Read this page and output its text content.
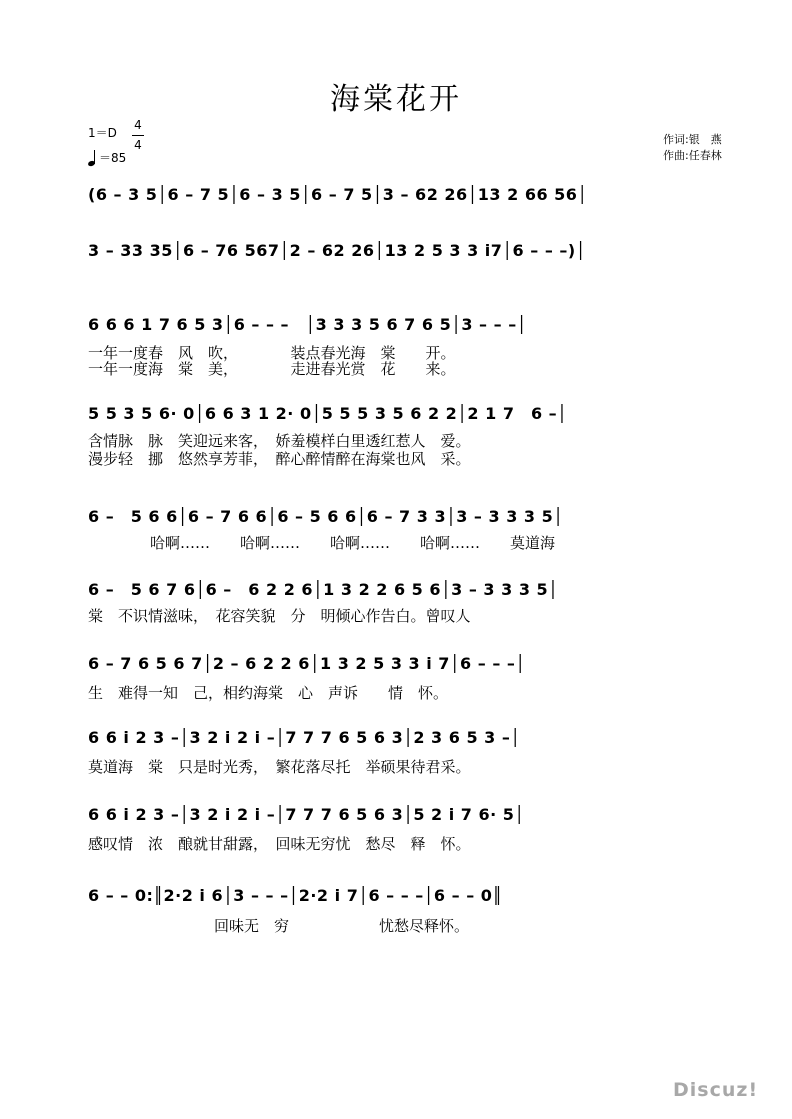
海棠花开
1＝D
4
4
＝85
作词:银　燕
作曲:任春林
(6 – 3 5│6 – 7 5│6 – 3 5│6 – 7 5│3 – 62 26│13 2 66 56│
3 – 33 35│6 – 76 567│2 – 62 26│13 2 5 3 3 i7│6 – – –)│
6 6 6 1 7 6 5 3│6 – – –　│3 3 3 5 6 7 6 5│3 – – –│
一年一度春　风　吹，　　　　装点春光海　棠　　开。
一年一度海　棠　美，　　　　走进春光赏　花　　来。
5 5 3 5 6· 0│6 6 3 1 2· 0│5 5 5 3 5 6 2 2│2 1 7　6 –│
含情脉　脉　笑迎远来客，　娇羞模样白里透红惹人　爱。
漫步轻　挪　悠然享芳菲，　醉心醉情醉在海棠也风　采。
6 –　5 6 6│6 – 7 6 6│6 – 5 6 6│6 – 7 3 3│3 – 3 3 3 5│
哈啊……　　哈啊……　　哈啊……　　哈啊……　　莫道海
6 –　5 6 7 6│6 –　6 2 2 6│1 3 2 2 6 5 6│3 – 3 3 3 5│
棠　不识情滋味，　花容笑貌　分　明倾心作告白。曾叹人
6 – 7 6 5 6 7│2 – 6 2 2 6│1 3 2 5 3 3 i 7│6 – – –│
生　难得一知　己，相约海棠　心　声诉　　情　怀。
6 6 i 2 3 –│3 2 i 2 i –│7 7 7 6 5 6 3│2 3 6 5 3 –│
莫道海　棠　只是时光秀，　繁花落尽托　举硕果待君采。
6 6 i 2 3 –│3 2 i 2 i –│7 7 7 6 5 6 3│5 2 i 7 6· 5│
感叹情　浓　酿就甘甜露，　回味无穷忧　愁尽　释　怀。
6 – – 0:║2·2 i 6│3 – – –│2·2 i 7│6 – – –│6 – – 0║
回味无　穷　　　　　　忧愁尽释怀。
Discuz!
